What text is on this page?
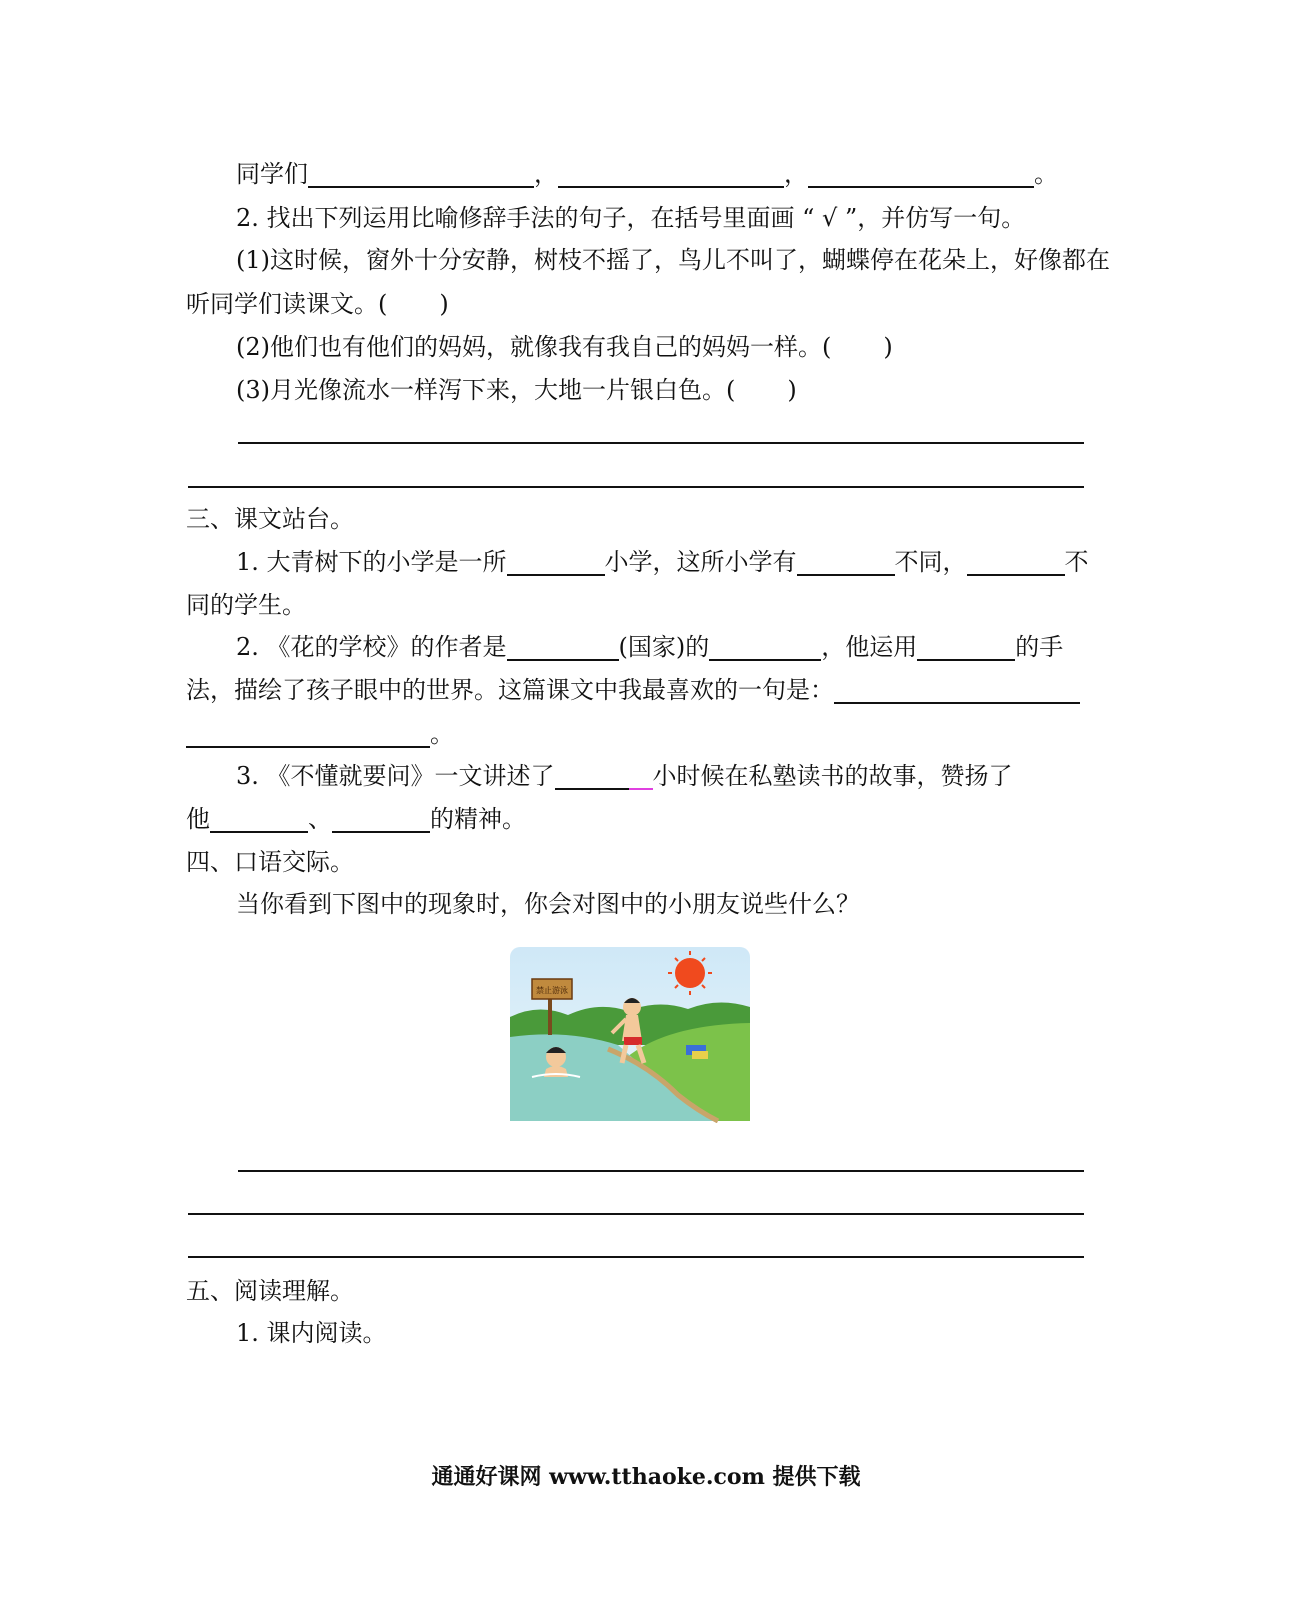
同学们	，	，	。
2. 找出下列运用比喻修辞手法的句子，在括号里面画 “ √ ”，并仿写一句。
(1)这时候，窗外十分安静，树枝不摇了，鸟儿不叫了，蝴蝶停在花朵上，好像都在
听同学们读课文。( )
(2)他们也有他们的妈妈，就像我有我自己的妈妈一样。( )
(3)月光像流水一样泻下来，大地一片银白色。( )
三、课文站台。
1. 大青树下的小学是一所	小学，这所小学有	不同，	不
同的学生。
2. 《花的学校》的作者是	(国家)的	，他运用	的手
法，描绘了孩子眼中的世界。这篇课文中我最喜欢的一句是：
。
3. 《不懂就要问》一文讲述了	小时候在私塾读书的故事，赞扬了
他	、	的精神。
四、口语交际。
当你看到下图中的现象时，你会对图中的小朋友说些什么？
禁止游泳
五、阅读理解。
1. 课内阅读。
通通好课网 www.tthaoke.com 提供下载
